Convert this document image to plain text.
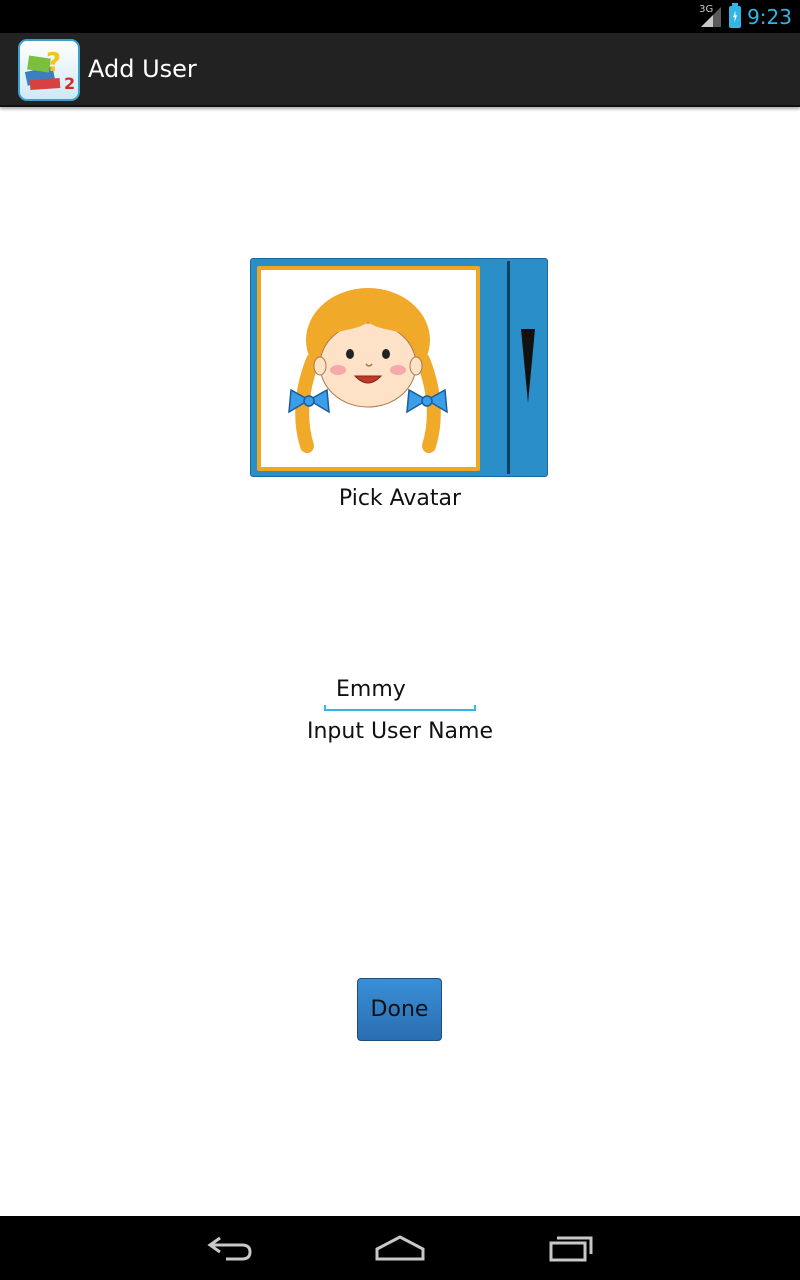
3G 9:23
?
2
Add User
Pick Avatar
Emmy
Input User Name
Done
